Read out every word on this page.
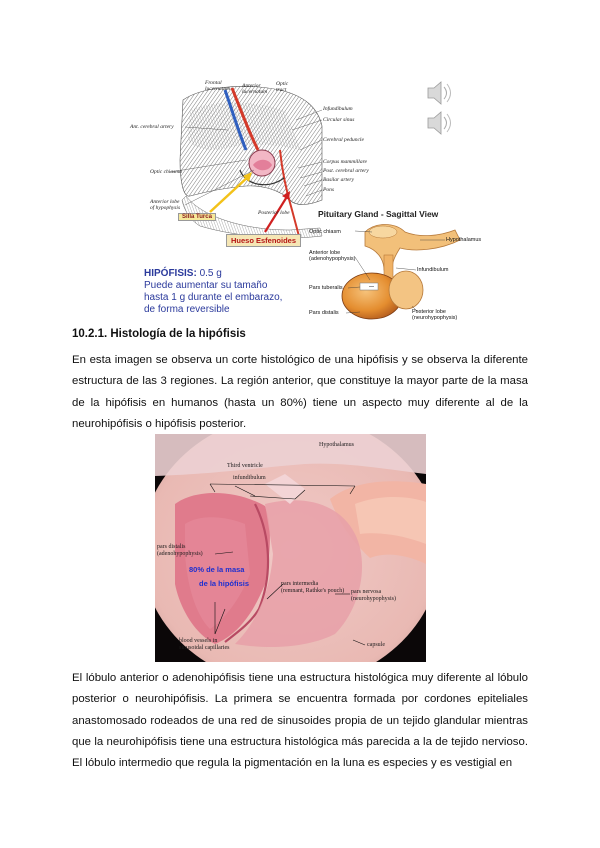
Frontal
lucernatum Anterior
lucernatum
Optic
tract
Infundibulum
Circular sinus
Cerebral peduncle
Ant. cerebral artery
Optic chiasma
Corpus mammillare
Post. cerebral artery
Basilar artery
Pons
Anterior lobe
of hypophysis
Posterior lobe
Silla Turca
Hueso Esfenoides
HIPÓFISIS: 0.5 g
Puede aumentar su tamaño
hasta 1 g durante el embarazo,
de forma reversible
Pituitary Gland - Sagittal View
Optic chiasm
Hypothalamus
Anterior lobe
(adenohypophysis)
Infundibulum
Pars tuberalis
Pars distalis	Posterior lobe
(neurohypophysis)
10.2.1. Histología de la hipófisis
En esta imagen se observa un corte histológico de una hipófisis y se observa la diferente estructura de las 3 regiones. La región anterior, que constituye la mayor parte de la masa de la hipófisis en humanos (hasta un 80%) tiene un aspecto muy diferente al de la neurohipófisis o hipófisis posterior.
Hypothalamus
Third ventricle
infundibulum
pars distalis
(adenohypophysis)
80% de la masa
de la hipófisis	pars intermedia
(remnant, Rathke's pouch) pars nervosa
(neurohypophysis)
blood vessels in
sinusoidal capillaries	capsule
El lóbulo anterior o adenohipófisis tiene una estructura histológica muy diferente al lóbulo posterior o neurohipófisis. La primera se encuentra formada por cordones epiteliales anastomosado rodeados de una red de sinusoides propia de un tejido glandular mientras que la neurohipófisis tiene una estructura histológica más parecida a la de tejido nervioso. El lóbulo intermedio que regula la pigmentación en la luna es especies y es vestigial en
